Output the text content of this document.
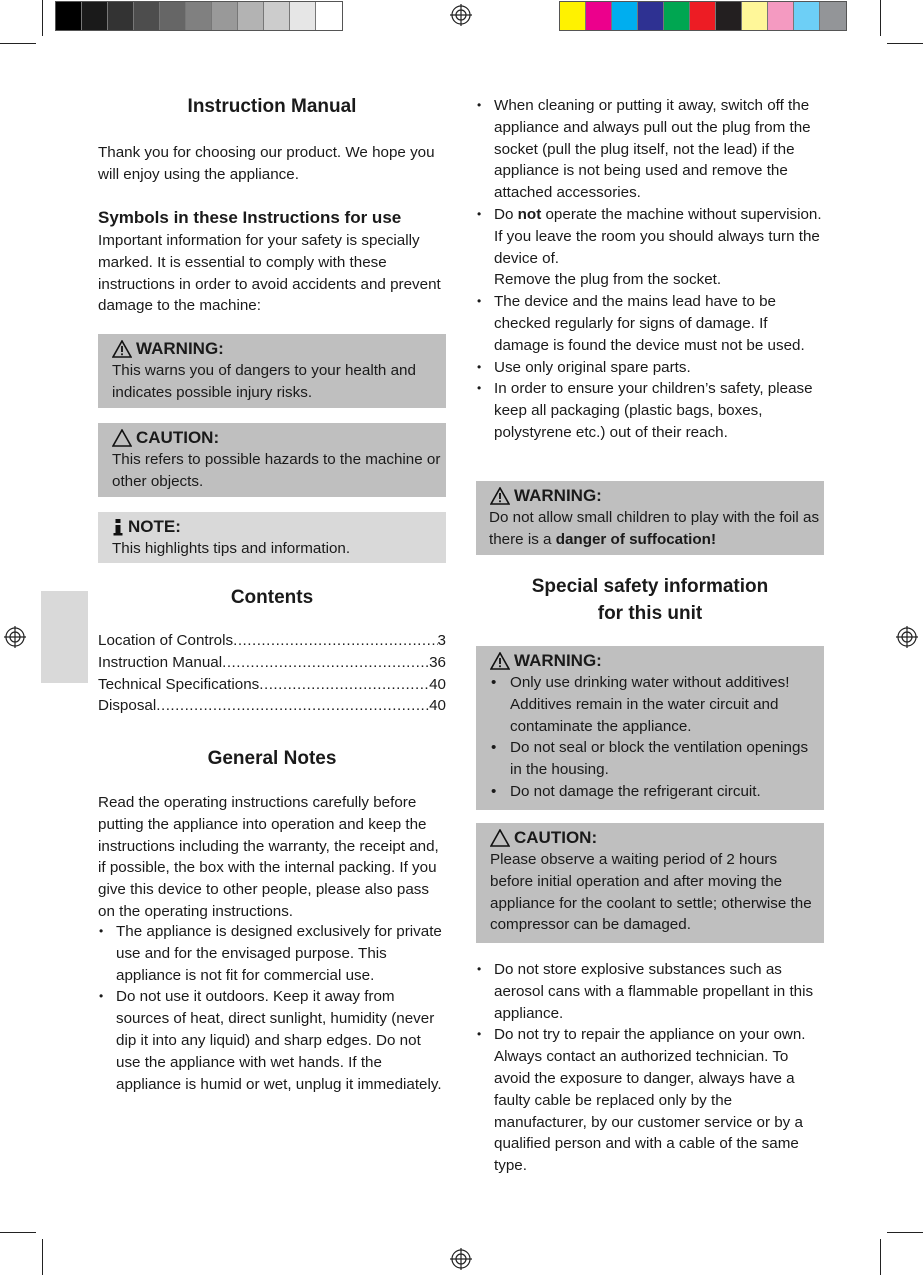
Instruction Manual

Thank you for choosing our product. We hope you will enjoy using the appliance.

Symbols in these Instructions for use

Important information for your safety is specially marked. It is essential to comply with these instructions in order to avoid accidents and prevent damage to the machine:

WARNING:

This warns you of dangers to your health and indicates possible injury risks.

CAUTION:

This refers to possible hazards to the machine or other objects.

NOTE:

This highlights tips and information.

Contents
Location of Controls .....	3
Instruction Manual .....	36
Technical Specifications .....	40
Disposal .....	40
General Notes

Read the operating instructions carefully before putting the appliance into operation and keep the instructions including the warranty, the receipt and, if possible, the box with the internal packing. If you give this device to other people, please also pass on the operating instructions.

• The appliance is designed exclusively for private use and for the envisaged purpose. This appliance is not fit for commercial use.
• Do not use it outdoors. Keep it away from sources of heat, direct sunlight, humidity (never dip it into any liquid) and sharp edges. Do not use the appliance with wet hands. If the appliance is humid or wet, unplug it immediately.
• When cleaning or putting it away, switch off the appliance and always pull out the plug from the socket (pull the plug itself, not the lead) if the appliance is not being used and remove the attached accessories.
• Do not operate the machine without supervision. If you leave the room you should always turn the device of.
Remove the plug from the socket.
• The device and the mains lead have to be checked regularly for signs of damage. If damage is found the device must not be used.
• Use only original spare parts.
• In order to ensure your children’s safety, please keep all packaging (plastic bags, boxes, polystyrene etc.) out of their reach.
WARNING:

Do not allow small children to play with the foil as there is a danger of suffocation!

Special safety information
for this unit
WARNING:
• Only use drinking water without additives! Additives remain in the water circuit and contaminate the appliance.
• Do not seal or block the ventilation openings in the housing.
• Do not damage the refrigerant circuit.
CAUTION:

Please observe a waiting period of 2 hours before initial operation and after moving the appliance for the coolant to settle; otherwise the compressor can be damaged.

• Do not store explosive substances such as aerosol cans with a flammable propellant in this appliance.
• Do not try to repair the appliance on your own. Always contact an authorized technician. To avoid the exposure to danger, always have a faulty cable be replaced only by the manufacturer, by our customer service or by a qualified person and with a cable of the same type.
